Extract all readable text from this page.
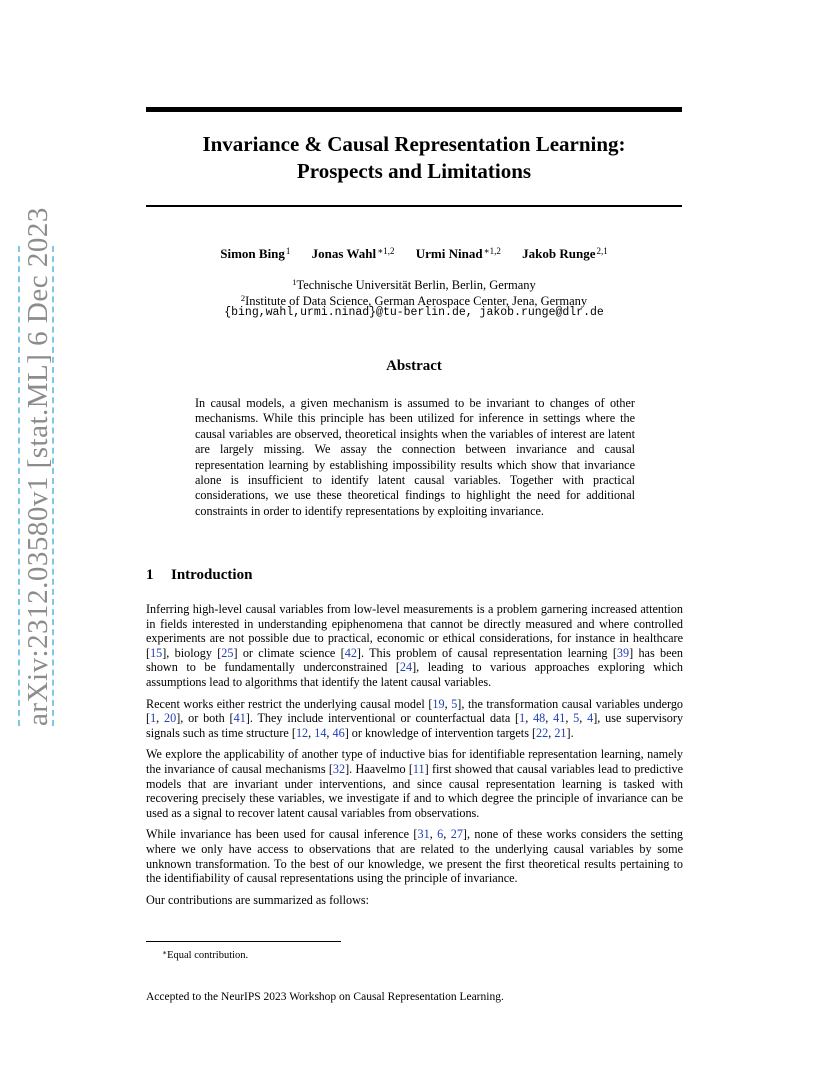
arXiv:2312.03580v1 [stat.ML] 6 Dec 2023
Invariance & Causal Representation Learning:
Prospects and Limitations
Simon Bing$^1$ Jonas Wahl$^{∗1,2}$ Urmi Ninad$^{∗1,2}$ Jakob Runge$^{2,1}$
$^1$Technische Universität Berlin, Berlin, Germany
$^2$Institute of Data Science, German Aerospace Center, Jena, Germany
{bing,wahl,urmi.ninad}@tu-berlin.de, jakob.runge@dlr.de
Abstract
In causal models, a given mechanism is assumed to be invariant to changes of other mechanisms. While this principle has been utilized for inference in settings where the causal variables are observed, theoretical insights when the variables of interest are latent are largely missing. We assay the connection between invariance and causal representation learning by establishing impossibility results which show that invariance alone is insufficient to identify latent causal variables. Together with practical considerations, we use these theoretical findings to highlight the need for additional constraints in order to identify representations by exploiting invariance.
1 Introduction

Inferring high-level causal variables from low-level measurements is a problem garnering increased attention in fields interested in understanding epiphenomena that cannot be directly measured and where controlled experiments are not possible due to practical, economic or ethical considerations, for instance in healthcare [15], biology [25] or climate science [42]. This problem of causal representation learning [39] has been shown to be fundamentally underconstrained [24], leading to various approaches exploring which assumptions lead to algorithms that identify the latent causal variables.

Recent works either restrict the underlying causal model [19, 5], the transformation causal variables undergo [1, 20], or both [41]. They include interventional or counterfactual data [1, 48, 41, 5, 4], use supervisory signals such as time structure [12, 14, 46] or knowledge of intervention targets [22, 21].

We explore the applicability of another type of inductive bias for identifiable representation learning, namely the invariance of causal mechanisms [32]. Haavelmo [11] first showed that causal variables lead to predictive models that are invariant under interventions, and since causal representation learning is tasked with recovering precisely these variables, we investigate if and to which degree the principle of invariance can be used as a signal to recover latent causal variables from observations.

While invariance has been used for causal inference [31, 6, 27], none of these works considers the setting where we only have access to observations that are related to the underlying causal variables by some unknown transformation. To the best of our knowledge, we present the first theoretical results pertaining to the identifiability of causal representations using the principle of invariance.

Our contributions are summarized as follows:

∗Equal contribution.
Accepted to the NeurIPS 2023 Workshop on Causal Representation Learning.
